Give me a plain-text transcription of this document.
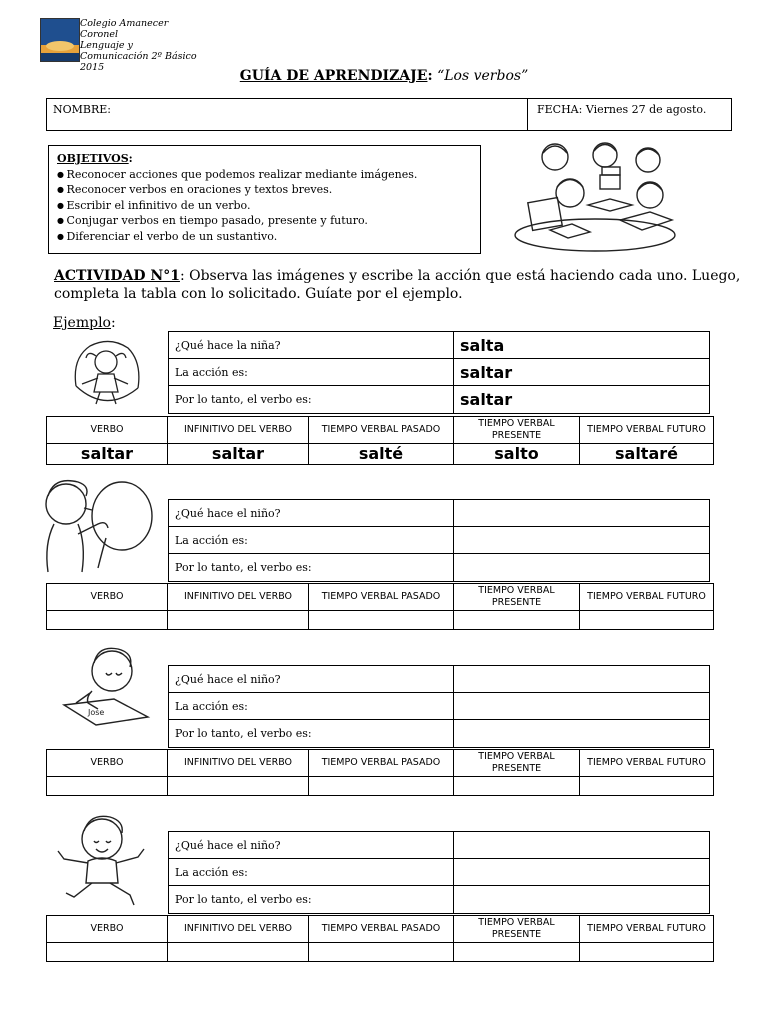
Colegio Amanecer
Coronel
Lenguaje y
Comunicación 2º Básico
2015
GUÍA DE APRENDIZAJE: “Los verbos”
NOMBRE:	FECHA: Viernes 27 de agosto.
OBJETIVOS:
● Reconocer acciones que podemos realizar mediante imágenes.
● Reconocer verbos en oraciones y textos breves.
● Escribir el infinitivo de un verbo.
● Conjugar verbos en tiempo pasado, presente y futuro.
● Diferenciar el verbo de un sustantivo.
ACTIVIDAD N°1: Observa las imágenes y escribe la acción que está haciendo cada uno. Luego, completa la tabla con lo solicitado. Guíate por el ejemplo.
Ejemplo:
¿Qué hace la niña?	salta
La acción es:	saltar
Por lo tanto, el verbo es:	saltar
VERBO	INFINITIVO DEL VERBO	TIEMPO VERBAL PASADO	TIEMPO VERBAL PRESENTE	TIEMPO VERBAL FUTURO
saltar	saltar	salté	salto	saltaré
¿Qué hace el niño?	
La acción es:	
Por lo tanto, el verbo es:	
VERBO	INFINITIVO DEL VERBO	TIEMPO VERBAL PASADO	TIEMPO VERBAL PRESENTE	TIEMPO VERBAL FUTURO

Jose
¿Qué hace el niño?	
La acción es:	
Por lo tanto, el verbo es:	
VERBO	INFINITIVO DEL VERBO	TIEMPO VERBAL PASADO	TIEMPO VERBAL PRESENTE	TIEMPO VERBAL FUTURO

¿Qué hace el niño?	
La acción es:	
Por lo tanto, el verbo es:	
VERBO	INFINITIVO DEL VERBO	TIEMPO VERBAL PASADO	TIEMPO VERBAL PRESENTE	TIEMPO VERBAL FUTURO
